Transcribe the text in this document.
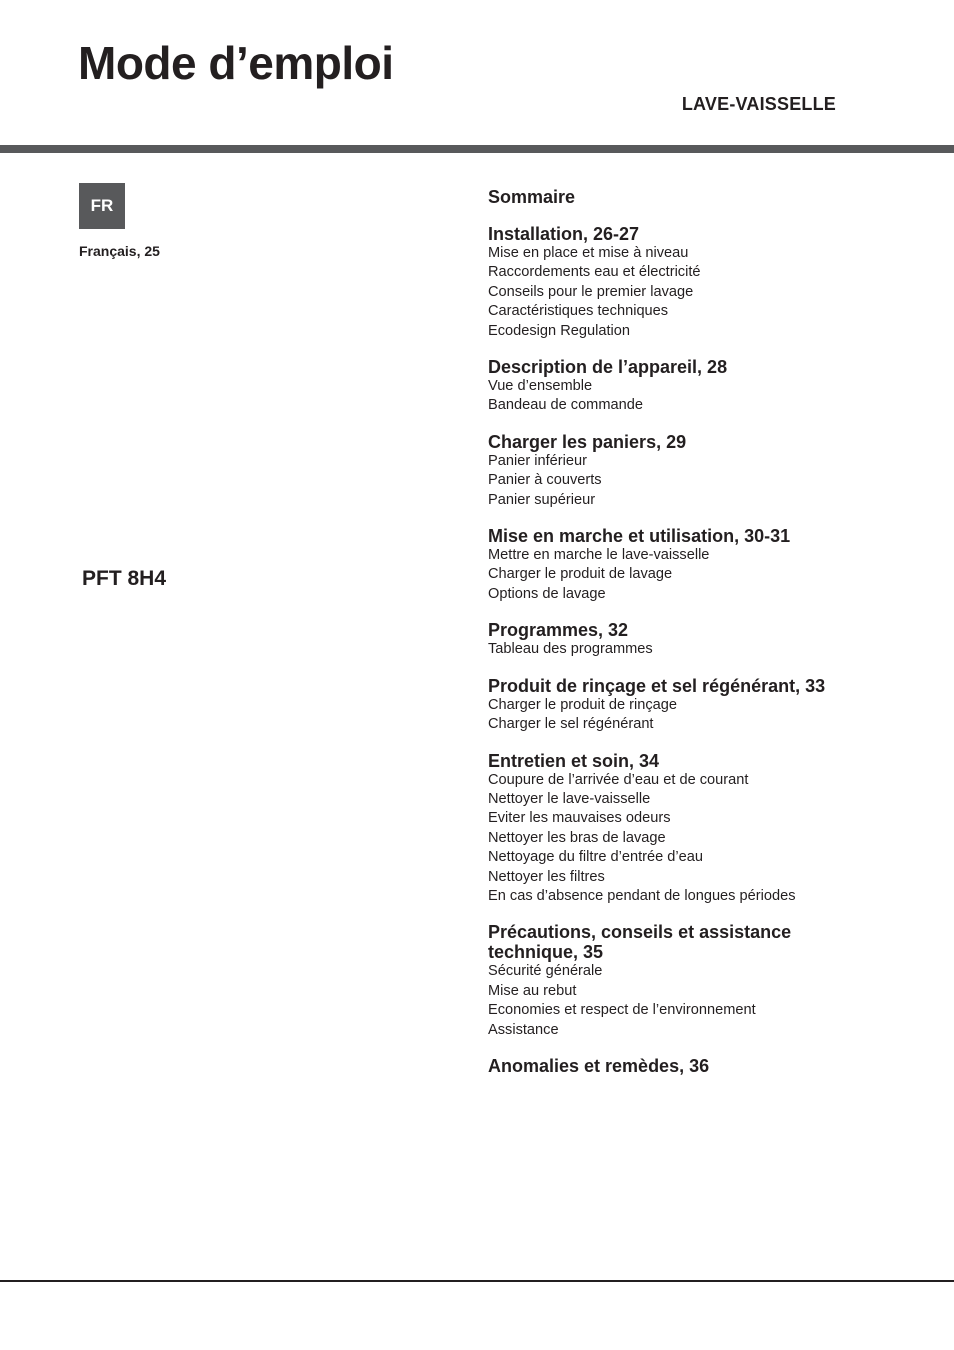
Mode d’emploi
LAVE-VAISSELLE
FR
Français, 25
PFT 8H4
Sommaire
Installation, 26-27
Mise en place et mise à niveau
Raccordements eau et électricité
Conseils pour le premier lavage
Caractéristiques techniques
Ecodesign Regulation
Description de l’appareil, 28
Vue d’ensemble
Bandeau de commande
Charger les paniers, 29
Panier inférieur
Panier à couverts
Panier supérieur
Mise en marche et utilisation, 30-31
Mettre en marche le lave-vaisselle
Charger le produit de lavage
Options de lavage
Programmes, 32
Tableau des programmes
Produit de rinçage et sel régénérant, 33
Charger le produit de rinçage
Charger le sel régénérant
Entretien et soin, 34
Coupure de l’arrivée d’eau et de courant
Nettoyer le lave-vaisselle
Eviter les mauvaises odeurs
Nettoyer les bras de lavage
Nettoyage du filtre d’entrée d’eau
Nettoyer les filtres
En cas d’absence pendant de longues périodes
Précautions, conseils et assistance technique, 35
Sécurité générale
Mise au rebut
Economies et respect de l’environnement
Assistance
Anomalies et remèdes, 36
